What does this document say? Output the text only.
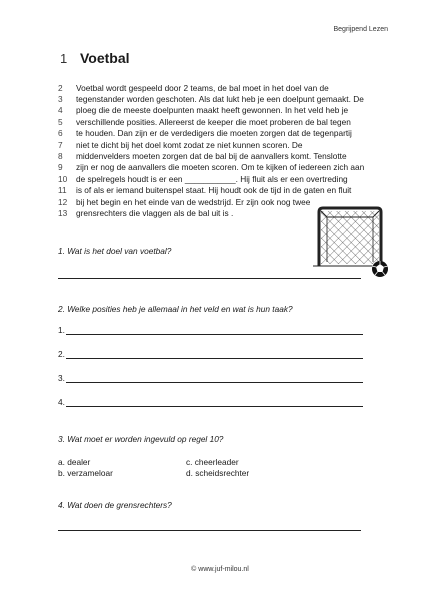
Begrijpend Lezen
1 Voetbal
2	Voetbal wordt gespeeld door 2 teams, de bal moet in het doel van de
3	tegenstander worden geschoten. Als dat lukt heb je een doelpunt gemaakt. De
4	ploeg die de meeste doelpunten maakt heeft gewonnen. In het veld heb je
5	verschillende posities. Allereerst de keeper die moet proberen de bal tegen
6	te houden. Dan zijn er de verdedigers die moeten zorgen dat de tegenpartij
7	niet te dicht bij het doel komt zodat ze niet kunnen scoren. De
8	middenvelders moeten zorgen dat de bal bij de aanvallers komt. Tenslotte
9	zijn er nog de aanvallers die moeten scoren. Om te kijken of iedereen zich aan
10	de spelregels houdt is er een ___________. Hij fluit als er een overtreding
11	is of als er iemand buitenspel staat. Hij houdt ook de tijd in de gaten en fluit
12	bij het begin en het einde van de wedstrijd. Er zijn ook nog twee
13	grensrechters die vlaggen als de bal uit is .
1. Wat is het doel van voetbal?
2. Welke posities heb je allemaal in het veld en wat is hun taak?
1.
2.
3.
4.
3. Wat moet er worden ingevuld op regel 10?
a. dealer	c. cheerleader
b. verzameloar	d. scheidsrechter
4. Wat doen de grensrechters?
© www.juf-milou.nl
